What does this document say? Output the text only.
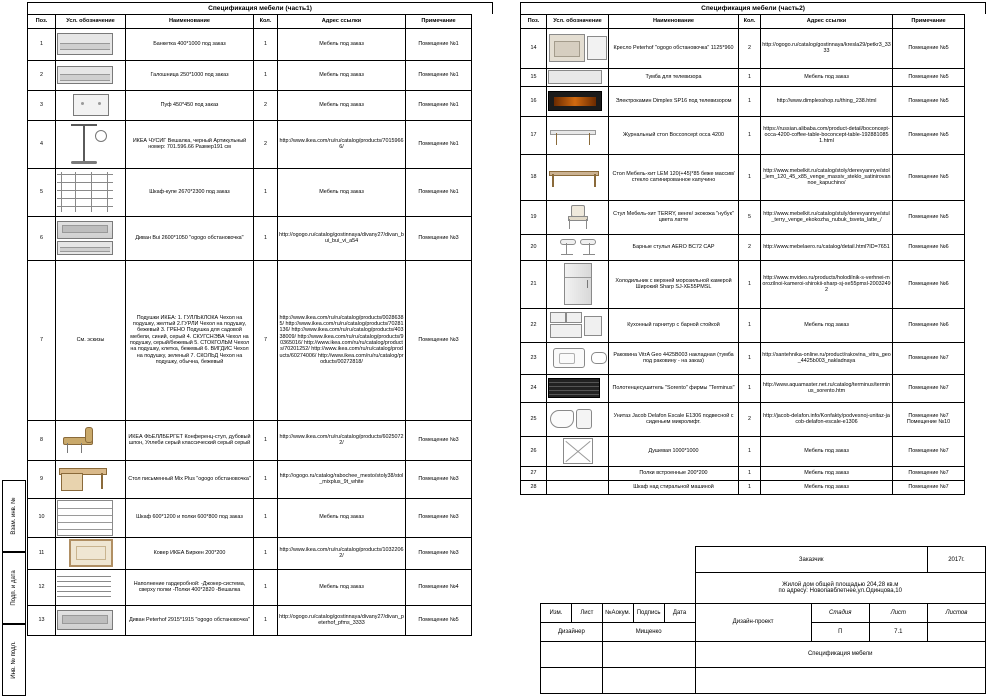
Спецификация мебели (часть1)
Поз.	Усл. обозначение	Наименование	Кол.	Адрес ссылки	Примечание
1		Банкетка 400*1000 под заказ	1	Мебель под заказ	Помещение №1
2		Галошница 250*1000 под заказ	1	Мебель под заказ	Помещение №1
3		Пуф 450*450 под заказ	2	Мебель под заказ	Помещение №1
4		ИКЕА ЧУСИГ Вешалка, черный Артикульный номер: 701.596.66 Размер191 см	2	http://www.ikea.com/ru/ru/catalog/products/70159666/	Помещение №1
5		Шкаф-купе 2670*2300 под заказ	1	Мебель под заказ	Помещение №1
6		Диван Bui 2600*1050 "ogogo обстановочка"	1	http://ogogo.ru/catalog/gostinnaya/divany27/divan_bui_bui_vi_a54	Помещение №3
7	См. эскизы	Подушки ИКЕА: 1. ГУЛЛЬКЛОКА Чехол на подушку, желтый 2.ГУРЛИ Чехол на подушку, бежевый 3. ГРЕНО Подушка для садовой мебели, синий, серый 4. СКУГСНЭВА Чехол на подушку, серый/бежевый 5. СТОКГОЛЬМ Чехол на подушку, клетка, бежевый 6. ВИГДИС Чехол на подушку, зеленый 7. СКОЛЬД Чехол на подушку, обычна, бежевый	7	http://www.ikea.com/ru/ru/catalog/products/00286385/ http://www.ikea.com/ru/ru/catalog/products/70281136/ http://www.ikea.com/ru/ru/catalog/products/40338009/ http://www.ikea.com/ru/ru/catalog/products/90365016/ http://www.ikea.com/ru/ru/catalog/products/70201252/ http://www.ikea.com/ru/ru/catalog/products/60274006/ http://www.ikea.com/ru/ru/catalog/products/00272818/	Помещение №3
8		ИКЕА ФЬЕЛЛБЕРГЕТ Конференц-стул, дубовый шпон, Уллеби серый классический серый серый	1	http://www.ikea.com/ru/ru/catalog/products/60250722/	Помещение №3
9		Стол письменный Mix Plus "ogogo обстановочка"	1	http://ogogo.ru/catalog/rabochee_mesto/stoly38/stol_mixplus_9t_white	Помещение №3
10		Шкаф 600*1200 и полки 600*800 под заказ	1	Мебель под заказ	Помещение №3
11		Ковер ИКЕА Биркен 200*200	1	http://www.ikea.com/ru/ru/catalog/products/10322062/	Помещение №3
12		Наполнение гардеробной: -Джокер-система, сверху полки -Полки 400*2820 -Вешалка	1	Мебель под заказ	Помещение №4
13		Диван Peterhof 2915*1915 "ogogo обстановочка"	1	http://ogogo.ru/catalog/gostinnaya/divany27/divan_peterhof_pfms_3333	Помещение №5
Спецификация мебели (часть2)
Поз.	Усл. обозначение	Наименование	Кол.	Адрес ссылки	Примечание
14		Кресло Peterhof "ogogo обстановочка" 1125*960	2	http://ogogo.ru/catalog/gostinnaya/kresla29/petkr3_3333	Помещение №5
15		Тумба для телевизора	1	Мебель под заказ	Помещение №5
16		Электрокамин Dimplex SP16 под телевизором	1	http://www.dimplexshop.ru/thing_238.html	Помещение №5
17		Журнальный стол Bocconcept осса 4200	1	https://russian.alibaba.com/product-detail/boconcept-occa-4200-coffee-table-boconcept-table-192881085 1.html	Помещение №5
18		Стол Мебель-хит LEM 120(+45)*85 беже массив/ стекло сатинированное капучино	1	http://www.mebelkit.ru/catalog/stoly/derevyannye/stol_lem_120_45_x85_venge_massiv_steklo_satinirovannoe_kapuchino/	Помещение №5
19		Стул Мебель-хит TERRY, венге/ экокожа "нубук" цвета латте	5	http://www.mebelkit.ru/catalog/stuly/derevyannye/stul_terry_venge_ekokozha_nubuk_tsveta_latte_/	Помещение №5
20		Барные стулья AERO BC72 CAP	2	http://www.mebelaero.ru/catalog/detail.html?ID=7651	Помещение №6
21		Холодильник с верхней морозильной камерой Широкий Sharp SJ-XE55PMSL	1	http://www.mvideo.ru/products/holodilnik-s-verhnei-morozilnoi-kameroi-shirokii-sharp-sj-xe55pmsl-20032492	Помещение №6
22		Кухонный гарнитур с барной стойкой	1	Мебель под заказ	Помещение №6
23		Раковина VitrA Geo 4425B003 накладная (тумба под раковину - на заказ)	1	http://santehnika-online.ru/product/rakovina_vitra_geo_4425b003_nakladnaya	Помещение №7
24		Полотенцесушитель "Sorento" фирмы "Terminus"	1	http://www.aquamaster.net.ru/catalog/terminus/terminus_sorento.htm	Помещение №7
25		Унитаз Jacob Delafon Escale E1306 подвесной с сиденьем микролифт.	2	http://jacob-delafon.info/Konfakty/podvesnoj-unitaz-jacob-delafon-escale-e1306	Помещение №7 Помещение №10
26		Душевая 1000*1000	1	Мебель под заказ	Помещение №7
27		Полки встроенные 200*200	1	Мебель под заказ	Помещение №7
28		Шкаф над стиральной машиной	1	Мебель под заказ	Помещение №7
Взам. инв. №
Подп. и дата
Инв. № подл.
					Заказчик			2017г.

					Жилой дом общей площадью 204,28 кв.м
по адресу: Новопавблетнее,ул.Одинцова,10			

Изм.	Лист	№Аокум.	Подпись	Дата	Дизайн-проект	Стадия	Лист	Листов
Дизайнер		Мищенко				П	7.1	
					Спецификация мебели			
